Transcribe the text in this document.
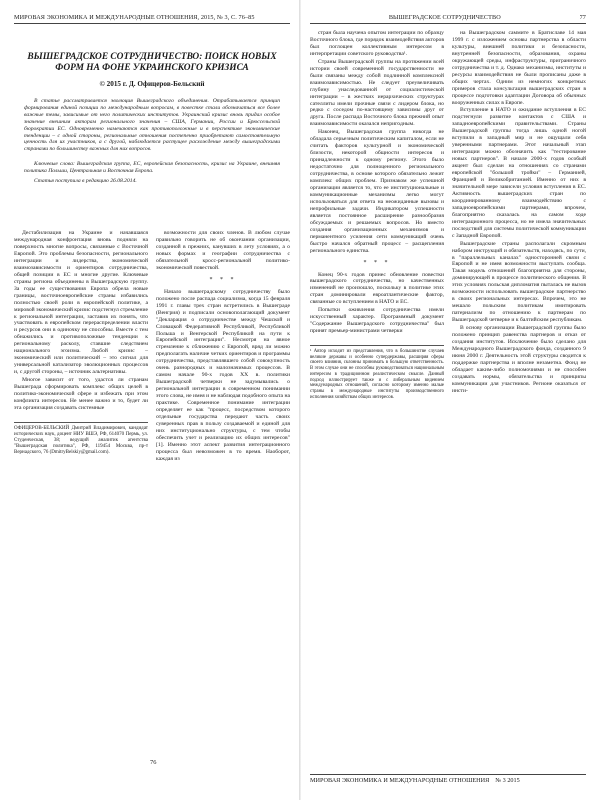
МИРОВАЯ ЭКОНОМИКА И МЕЖДУНАРОДНЫЕ ОТНОШЕНИЯ, 2015, № 3, С. 76–85
ВЫШЕГРАДСКОЕ СОТРУДНИЧЕСТВО: ПОИСК НОВЫХ ФОРМ НА ФОНЕ УКРАИНСКОГО КРИЗИСА
© 2015 г. Д. Офицеров-Бельский
В статье рассматривается эволюция Вышеградского объединения. Отрабатывается принцип формирования единой позиции по международным вопросам, в повестке стали обозначаться все более важные темы, зависимые от него политических институтов. Украинский кризис вновь придал особое значение внешним акторам регионального значения – США, Германии, России и Брюссельской бюрократии ЕС. Одновременно намечаются как противоположные и в перспективе экономические тенденции – с одной стороны, региональные отношения постепенно приобретают самостоятельную ценность для их участников, а с другой, наблюдается растущее расхождение между вышеградскими странами по большинству важных для них вопросов.
Ключевые слова: Вышеградская группа, ЕС, европейская безопасность, кризис на Украине, внешняя политика Польши, Центральная и Восточная Европа.
Статья поступила в редакцию 26.08.2014.

Дестабилизация на Украине и начавшаяся международная конфронтация вновь подняли на поверхность многие вопросы, связанные с Восточной Европой. Это проблемы безопасности, регионального интеграции и лидерства, экономической взаимозависимости и ориентиров сотрудничества, общей позиции в ЕС и многие другие. Ключевые страны региона объединены в Вышеградскую группу. За годы ее существования Европа обрела новые границы, восточноевропейские страны избавились полностью своей роли в европейской политике, а мировой экономический кризис подстегнул стремление к региональной интеграции, заставив их понять, что участвовать в европейском перераспределении власти и ресурсов они в одиночку не способны. Вместе с тем обнажились и противоположные тенденции к региональному расколу, ставшие следствием национального эгоизма. Любой кризис – экономический или политический – это сигнал для универсальной катализатор эволюционных процессов и, с другой стороны, – источник альтернативы.

Многое зависит от того, удастся ли странам Вышеграда сформировать комплекс общих целей в политико-экономической сфере и избежать при этом конфликта интересов. Не менее важно и то, будет ли эта организация создавать системные

ОФИЦЕРОВ-БЕЛЬСКИЙ Дмитрий Владимирович, кандидат исторических наук, доцент НИУ ВШЭ, РФ, 614070 Пермь, ул. Студенческая, 38; ведущий аналитик агентства "Вышеградская политика", РФ, 119454 Москва, пр-т Вернадского, 76 (DmitryBelskiy@gmail.com).

возможности для своих членов. В любом случае правильно говорить не об окончании организации, созданной в прежних, канувших в лету условиях, а о новых формах и географии сотрудничества с обязательной кросс-региональной политико-экономической повесткой.

* * *

Начало вышеградскому сотрудничеству было положено после распада социализма, когда 15 февраля 1991 г. главы трех стран встретились в Вышеграде (Венгрия) и подписали основополагающий документ "Декларация о сотрудничестве между Чешской и Словацкой Федеративной Республикой, Республикой Польша и Венгерской Республикой на пути к Европейской интеграции". Несмотря на явное стремление к сближению с Европой, вряд ли можно предполагать наличие четких ориентиров и программы сотрудничества, представлявшего собой совокупность очень разнородных и малозначимых процессов. В самом начале 90-х годов XX в. политики Вышеградской четверки не задумывались о региональной интеграции в современном понимании этого слова, не имея и не наблюдая подобного опыта на практике. Современное понимание интеграции определяет ее как "процесс, посредством которого отдельные государства передают часть своих суверенных прав в пользу создаваемой и единой для них институционально структуры, с тем чтобы обеспечить учет и реализацию их общих интересов" [1]. Именно этот аспект развития интеграционного процесса был невозможен в то время. Наоборот, каждая из

76
ВЫШЕГРАДСКОЕ СОТРУДНИЧЕСТВО	77

стран была научена опытом интеграции по образцу Восточного блока, где порядок взаимодействия акторов был поглощен коллективным интересом в интерпретации советского руководства¹.

Страны Вышеградской группы на протяжении всей истории своей современной государственности не были связаны между собой подлинной комплексной взаимозависимостью. Не следует преувеличивать глубину унаследованной от социалистической интеграции – в жестких иерархических структурах сателлиты имели прочные связи с лидером блока, но редко с соседом по-настоящему зависимы друг от друга. После распада Восточного блока прежний опыт взаимозависимости оказался непригодным.

Наконец, Вышеградская группа никогда не обладала серьезным политическим капиталом, если не считать факторов культурной и экономической близости, некоторой общности интересов и принадлежности к одному региону. Этого было недостаточно для полноценного регионального сотрудничества, в основе которого обязательно лежит комплекс общих проблем. Признаком же успешной организации является то, что ее институциональные и коммуникационные механизмы легко могут использоваться для ответа на неожиданные вызовы и непрофильные задачи. Индикатором успешности является постоянное расширение разнообразия обсуждаемых и решаемых вопросов. Но вместо создания организационных механизмов и перманентного усиления сети коммуникаций очень быстро начался обратный процесс – расщепления регионального единства.

* * *

Конец 90-х годов принес обновление повестки вышеградского сотрудничества, но качественных изменений не произошло, поскольку в политике этих стран доминировали евроатлантические фактор, связанные со вступлением в НАТО и ЕС.

Попытки оживления сотрудничества имели искусственный характер. Программный документ "Содержание Вышеградского сотрудничества" был принят премьер-министрами четверки

¹ Автор исходит из представления, что в большинстве случаев великие державы и особенно супердержавы, расширяя сферы своего влияния, склонны принимать в большую ответственность. В этом случае они не способны руководствоваться национальным интересом в традиционном реалистическом смысле. Данный подход иллюстрирует также и с либеральным видением международных отношений, согласно которому именно малые страны в международные институты производственного исполнения хозяйствам общих интересов.

на Вышеградском саммите в Братиславе 14 мая 1999 г. с изложением основы партнерства в области культуры, внешней политики и безопасности, внутренней безопасности, образования, охраны окружающей среды, инфраструктуры, приграничного сотрудничества и т. д. Однако механизмы, институты и ресурсы взаимодействия не были прописаны даже в общих чертах. Одним из немногих конкретных примеров стала консультация вышеградских стран в процессе подготовки адаптации Договора об обычных вооруженных силах в Европе.

Вступление в НАТО и ожидание вступления в ЕС подстегнули развитие контактов с США и западноевропейскими правительствами. Страны Вышеградской группы тогда лишь одной ногой вступили в западный мир и не ощущали себя уверенными партнерами. Этот начальный этап интеграции можно обозначить как "тестирование новых партнеров". В начале 2000-х годов особый акцент был сделан на отношениях со странами европейской "большой тройки" – Германией, Францией и Великобританией. Именно от них в значительной мере зависели условия вступления в ЕС. Активность вышеградских стран по координированному взаимодействию с западноевропейскими партнерами, впрочем, благоприятно сказалась на самом ходе интеграционного процесса, но не имела значительных последствий для системы политической коммуникации с Западной Европой.

Вышеградские страны располагали скромным набором инструкций и обязательств, находясь, по сути, в "параллельных каналах" односторонней связи с Европой и не имея возможности выступать сообща. Такая модель отношений благоприятна для стороны, доминирующей в процессе политического общения. В этих условиях польская дипломатия пыталась не вызов возможности использовать вышеградское партнерство в своих региональных интересах. Впрочем, это не мешало польским политикам имитировать патернализм по отношению к партнерам по Вышеградской четверке и к балтийским республикам.

В основу организации Вышеградской группы было положено принцип равенства партнеров и отказ от создания институтов. Исключение было сделано для Международного Вышеградского фонда, созданного 9 июня 2000 г. Деятельность этой структуры сводится к поддержке партнерства и вполне незаметна. Фонд не обладает каким-либо полномочиями и не способен создавать нормы, обязательства и принципы коммуникации для участников. Регионе оказаться от инсти-

МИРОВАЯ ЭКОНОМИКА И МЕЖДУНАРОДНЫЕ ОТНОШЕНИЯ № 3 2015
